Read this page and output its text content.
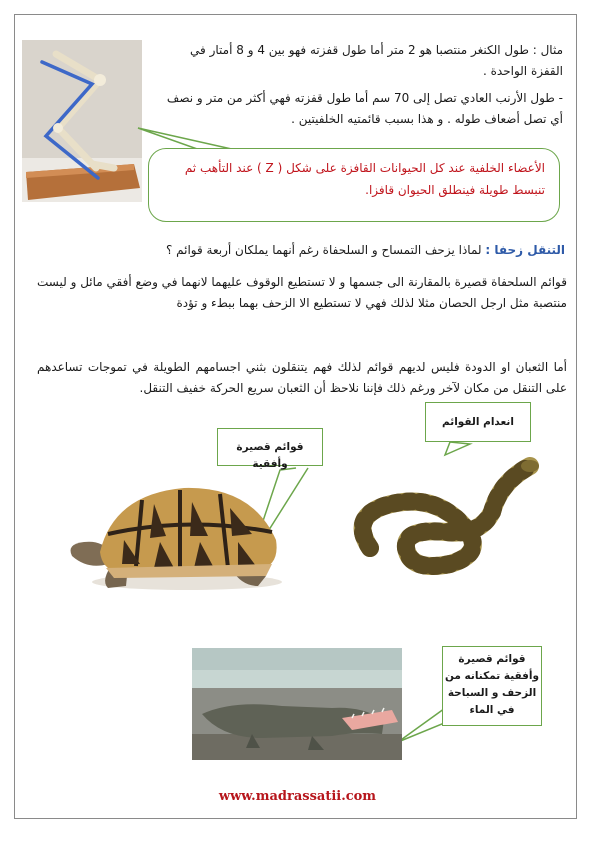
مثال : طول الكنغر منتصبا هو 2 متر أما طول قفزته فهو بين 4 و 8 أمتار في القفزة الواحدة .
- طول الأرنب العادي تصل إلى 70 سم أما طول قفزته فهي أكثر من متر و نصف أي تصل أضعاف طوله . و هذا بسبب قائمتيه الخلفيتين .
الأعضاء الخلفية عند كل الحيوانات القافزة على شكل ( Z ) عند التأهب ثم تنبسط طويلة فينطلق الحيوان قافزا.
التنقل زحفا : لماذا يزحف التمساح و السلحفاة رغم أنهما يملكان أربعة قوائم ؟
قوائم السلحفاة قصيرة بالمقارنة الى جسمها و لا تستطيع الوقوف عليهما لانهما في وضع أفقي مائل و ليست منتصبة مثل ارجل الحصان مثلا لذلك فهي لا تستطيع الا الزحف بهما ببطء و تؤدة
أما الثعبان او الدودة فليس لديهم قوائم لذلك فهم يتنقلون بثني اجسامهم الطويلة في تموجات تساعدهم على التنقل من مكان لآخر ورغم ذلك فإننا نلاحظ أن الثعبان سريع الحركة خفيف التنقل.
قوائم قصيرة وأفقية
انعدام القوائم
قوائم قصيرة وأفقية تمكنانه من الزحف و السباحة في الماء
www.madrassatii.com
